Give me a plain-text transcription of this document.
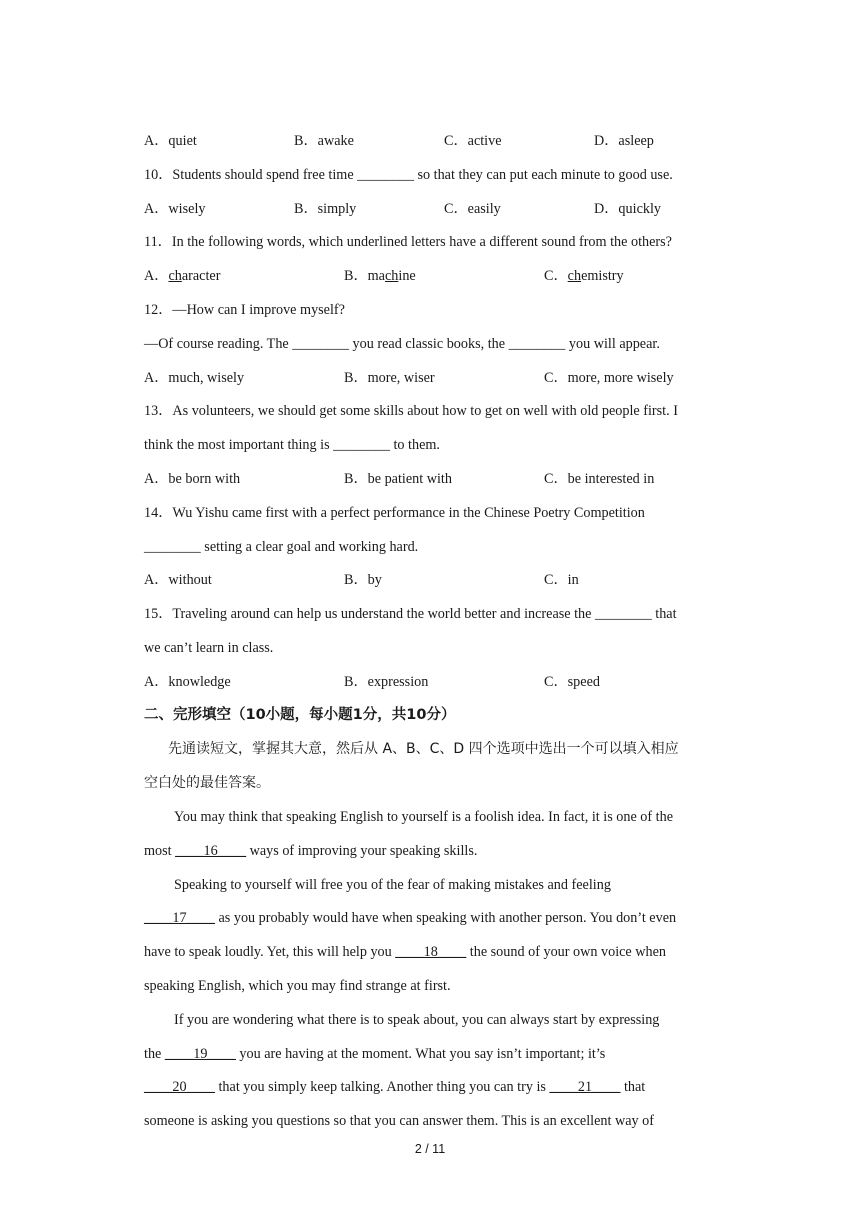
A．quiet	B．awake	C．active	D．asleep
10．Students should spend free time ________ so that they can put each minute to good use.
A．wisely	B．simply	C．easily	D．quickly
11．In the following words, which underlined letters have a different sound from the others?
A．character	B．machine	C．chemistry
12．—How can I improve myself?
—Of course reading. The ________ you read classic books, the ________ you will appear.
A．much, wisely	B．more, wiser	C．more, more wisely
13．As volunteers, we should get some skills about how to get on well with old people first. I
think the most important thing is ________ to them.
A．be born with	B．be patient with	C．be interested in
14．Wu Yishu came first with a perfect performance in the Chinese Poetry Competition
________ setting a clear goal and working hard.
A．without	B．by	C．in
15．Traveling around can help us understand the world better and increase the ________ that
we can’t learn in class.
A．knowledge	B．expression	C．speed
二、完形填空（10小题，每小题1分，共10分）
先通读短文，掌握其大意，然后从 A、B、C、D 四个选项中选出一个可以填入相应
空白处的最佳答案。
You may think that speaking English to yourself is a foolish idea. In fact, it is one of the
most ____16____ ways of improving your speaking skills.
Speaking to yourself will free you of the fear of making mistakes and feeling
____17____ as you probably would have when speaking with another person. You don’t even
have to speak loudly. Yet, this will help you ____18____ the sound of your own voice when
speaking English, which you may find strange at first.
If you are wondering what there is to speak about, you can always start by expressing
the ____19____ you are having at the moment. What you say isn’t important; it’s
____20____ that you simply keep talking. Another thing you can try is ____21____ that
someone is asking you questions so that you can answer them. This is an excellent way of
2 / 11
